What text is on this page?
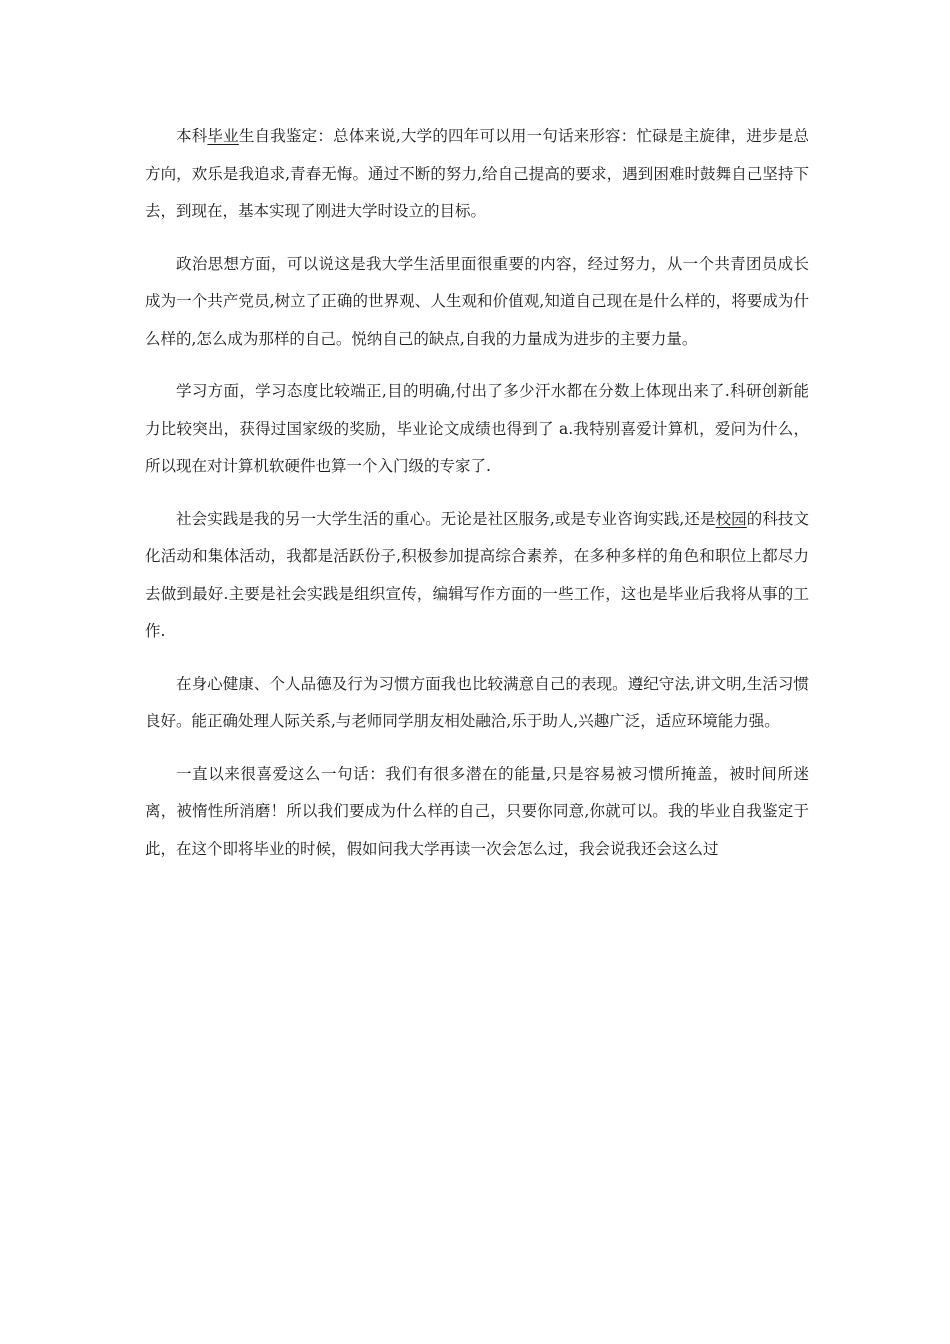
本科毕业生自我鉴定：总体来说,大学的四年可以用一句话来形容：忙碌是主旋律，进步是总方向，欢乐是我追求,青春无悔。通过不断的努力,给自己提高的要求，遇到困难时鼓舞自己坚持下去，到现在，基本实现了刚进大学时设立的目标。

政治思想方面，可以说这是我大学生活里面很重要的内容，经过努力，从一个共青团员成长成为一个共产党员,树立了正确的世界观、人生观和价值观,知道自己现在是什么样的，将要成为什么样的,怎么成为那样的自己。悦纳自己的缺点,自我的力量成为进步的主要力量。

学习方面，学习态度比较端正,目的明确,付出了多少汗水都在分数上体现出来了.科研创新能力比较突出，获得过国家级的奖励，毕业论文成绩也得到了 a.我特别喜爱计算机，爱问为什么，所以现在对计算机软硬件也算一个入门级的专家了.

社会实践是我的另一大学生活的重心。无论是社区服务,或是专业咨询实践,还是校园的科技文化活动和集体活动，我都是活跃份子,积极参加提高综合素养，在多种多样的角色和职位上都尽力去做到最好.主要是社会实践是组织宣传，编辑写作方面的一些工作，这也是毕业后我将从事的工作.

在身心健康、个人品德及行为习惯方面我也比较满意自己的表现。遵纪守法,讲文明,生活习惯良好。能正确处理人际关系,与老师同学朋友相处融洽,乐于助人,兴趣广泛，适应环境能力强。

一直以来很喜爱这么一句话：我们有很多潜在的能量,只是容易被习惯所掩盖，被时间所迷离，被惰性所消磨！所以我们要成为什么样的自己，只要你同意,你就可以。我的毕业自我鉴定于此，在这个即将毕业的时候，假如问我大学再读一次会怎么过，我会说我还会这么过
